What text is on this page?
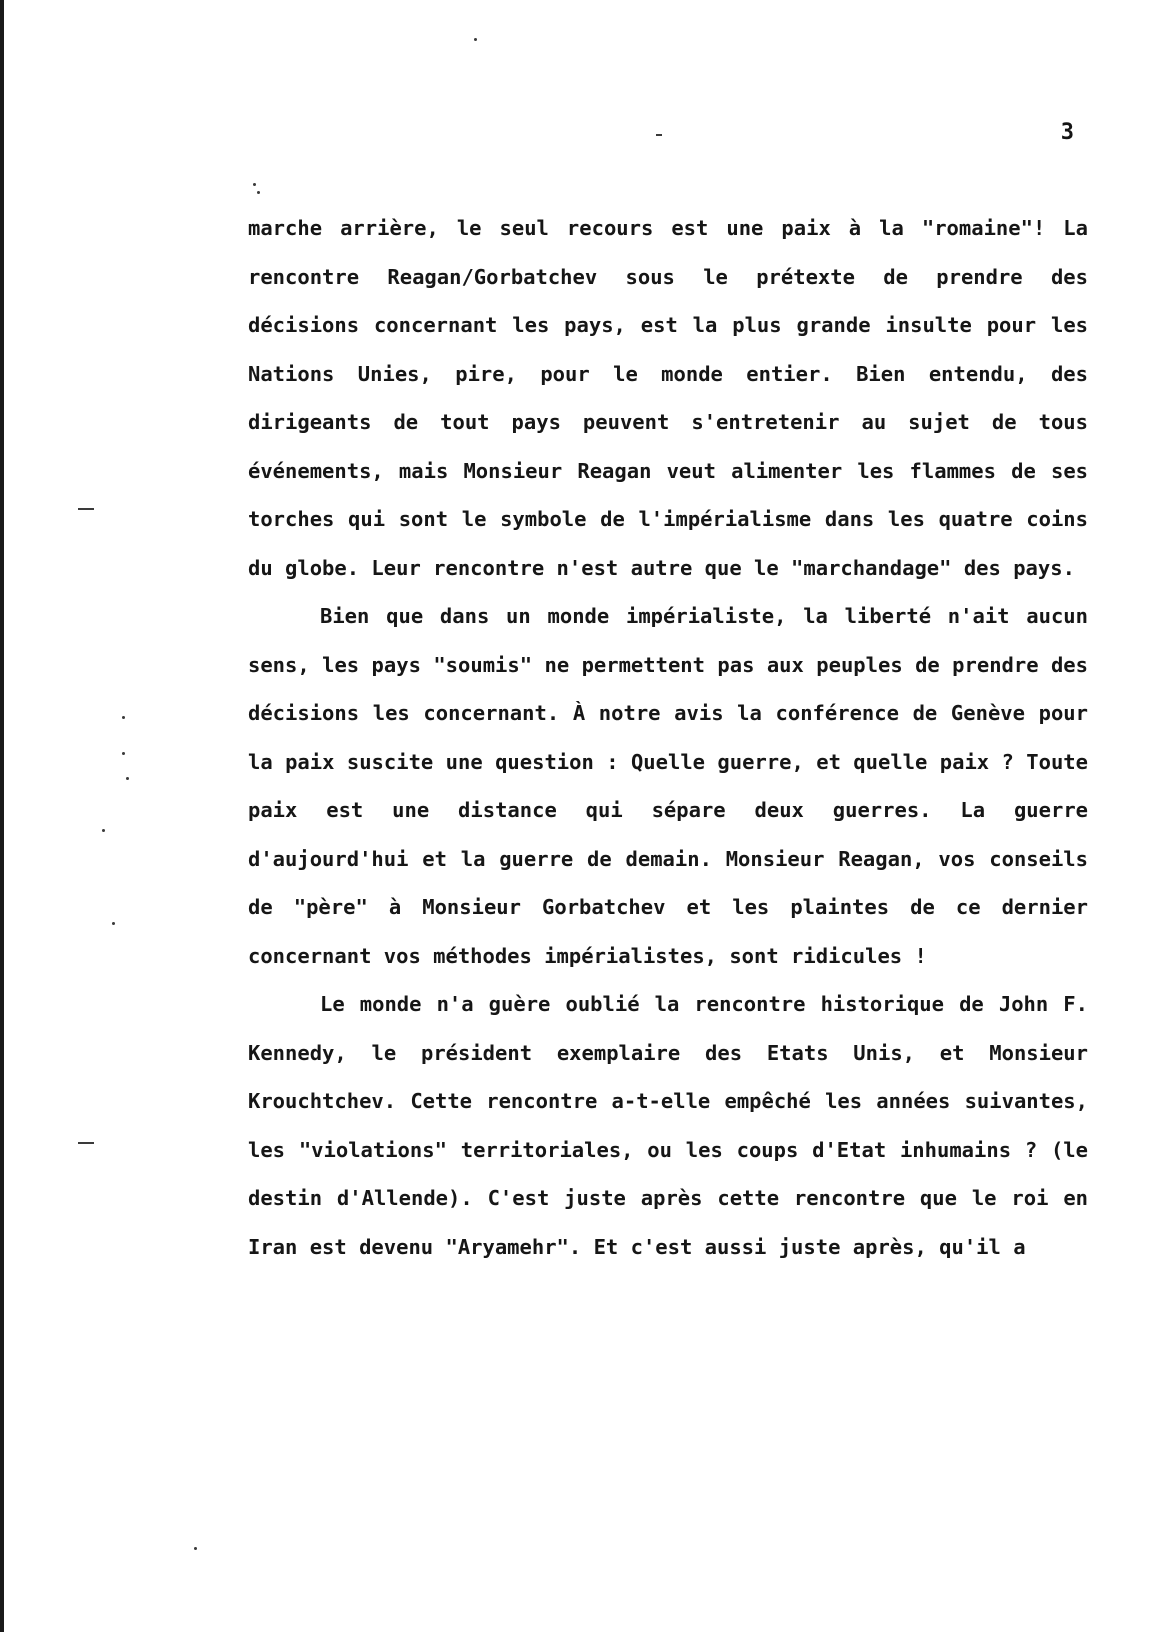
3

marche arrière, le seul recours est une paix à la "romaine"! La rencontre Reagan/Gorbatchev sous le prétexte de prendre des décisions concernant les pays, est la plus grande insulte pour les Nations Unies, pire, pour le monde entier. Bien entendu, des dirigeants de tout pays peuvent s'entretenir au sujet de tous événements, mais Monsieur Reagan veut alimenter les flammes de ses torches qui sont le symbole de l'impérialisme dans les quatre coins du globe. Leur rencontre n'est autre que le "marchandage" des pays.

Bien que dans un monde impérialiste, la liberté n'ait aucun sens, les pays "soumis" ne permettent pas aux peuples de prendre des décisions les concernant. À notre avis la conférence de Genève pour la paix suscite une question : Quelle guerre, et quelle paix ? Toute paix est une distance qui sépare deux guerres. La guerre d'aujourd'hui et la guerre de demain. Monsieur Reagan, vos conseils de "père" à Monsieur Gorbatchev et les plaintes de ce dernier concernant vos méthodes impérialistes, sont ridicules !

Le monde n'a guère oublié la rencontre historique de John F. Kennedy, le président exemplaire des Etats Unis, et Monsieur Krouchtchev. Cette rencontre a-t-elle empêché les années suivantes, les "violations" territoriales, ou les coups d'Etat inhumains ? (le destin d'Allende). C'est juste après cette rencontre que le roi en Iran est devenu "Aryamehr". Et c'est aussi juste après, qu'il a
